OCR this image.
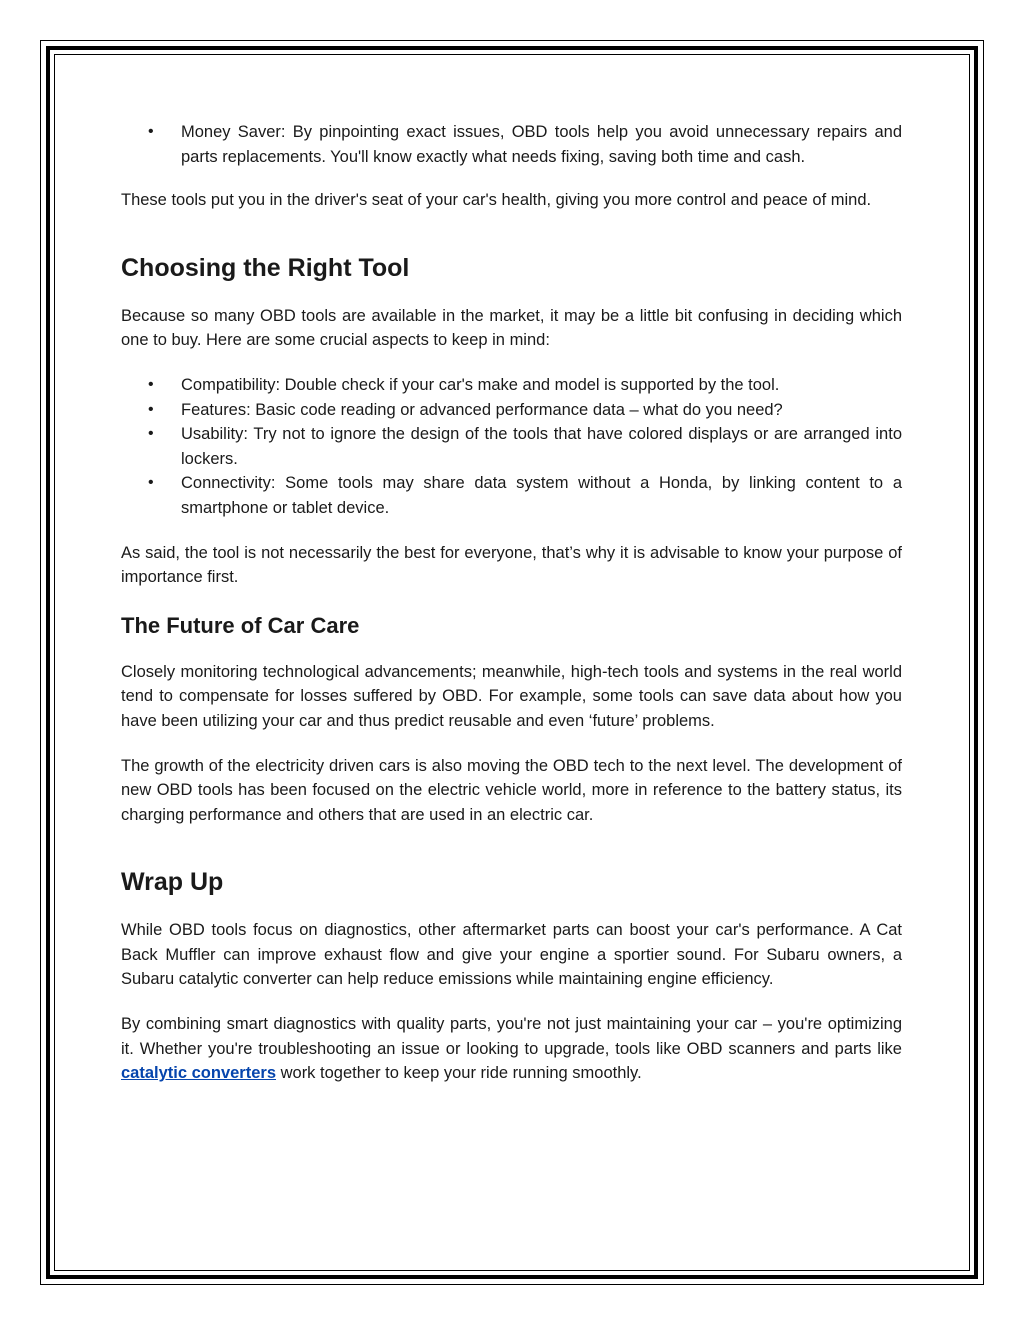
• Money Saver: By pinpointing exact issues, OBD tools help you avoid unnecessary repairs and parts replacements. You'll know exactly what needs fixing, saving both time and cash.

These tools put you in the driver's seat of your car's health, giving you more control and peace of mind.

Choosing the Right Tool

Because so many OBD tools are available in the market, it may be a little bit confusing in deciding which one to buy. Here are some crucial aspects to keep in mind:

• Compatibility: Double check if your car's make and model is supported by the tool.
• Features: Basic code reading or advanced performance data – what do you need?
• Usability: Try not to ignore the design of the tools that have colored displays or are arranged into lockers.
• Connectivity: Some tools may share data system without a Honda, by linking content to a smartphone or tablet device.

As said, the tool is not necessarily the best for everyone, that’s why it is advisable to know your purpose of importance first.

The Future of Car Care

Closely monitoring technological advancements; meanwhile, high-tech tools and systems in the real world tend to compensate for losses suffered by OBD. For example, some tools can save data about how you have been utilizing your car and thus predict reusable and even ‘future’ problems.

The growth of the electricity driven cars is also moving the OBD tech to the next level. The development of new OBD tools has been focused on the electric vehicle world, more in reference to the battery status, its charging performance and others that are used in an electric car.

Wrap Up

While OBD tools focus on diagnostics, other aftermarket parts can boost your car's performance. A Cat Back Muffler can improve exhaust flow and give your engine a sportier sound. For Subaru owners, a Subaru catalytic converter can help reduce emissions while maintaining engine efficiency.

By combining smart diagnostics with quality parts, you're not just maintaining your car – you're optimizing it. Whether you're troubleshooting an issue or looking to upgrade, tools like OBD scanners and parts like catalytic converters work together to keep your ride running smoothly.
